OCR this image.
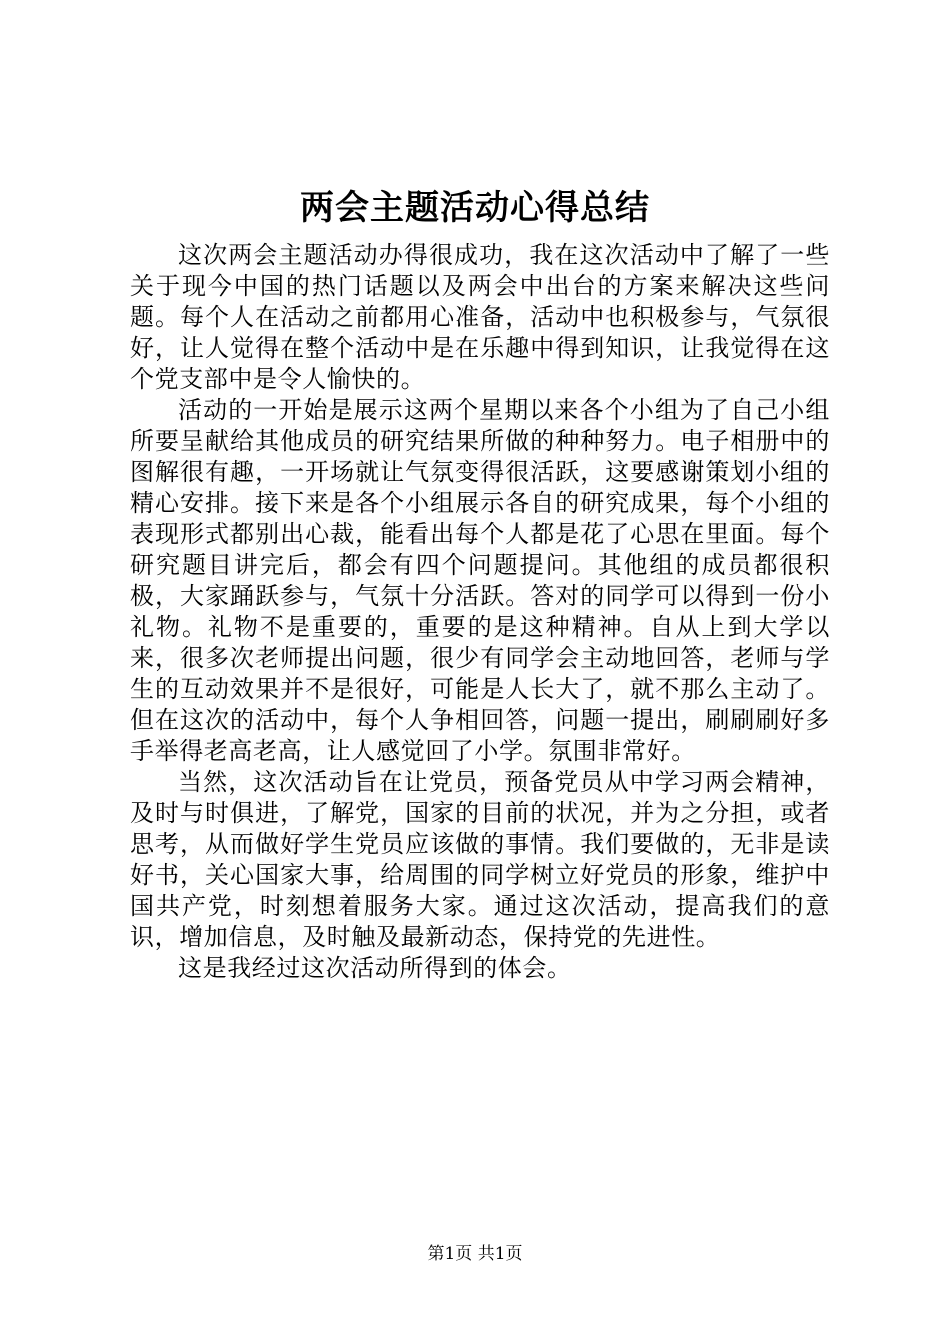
两会主题活动心得总结

这次两会主题活动办得很成功，我在这次活动中了解了一些关于现今中国的热门话题以及两会中出台的方案来解决这些问题。每个人在活动之前都用心准备，活动中也积极参与，气氛很好，让人觉得在整个活动中是在乐趣中得到知识，让我觉得在这个党支部中是令人愉快的。

活动的一开始是展示这两个星期以来各个小组为了自己小组所要呈献给其他成员的研究结果所做的种种努力。电子相册中的图解很有趣，一开场就让气氛变得很活跃，这要感谢策划小组的精心安排。接下来是各个小组展示各自的研究成果，每个小组的表现形式都别出心裁，能看出每个人都是花了心思在里面。每个研究题目讲完后，都会有四个问题提问。其他组的成员都很积极，大家踊跃参与，气氛十分活跃。答对的同学可以得到一份小礼物。礼物不是重要的，重要的是这种精神。自从上到大学以来，很多次老师提出问题，很少有同学会主动地回答，老师与学生的互动效果并不是很好，可能是人长大了，就不那么主动了。但在这次的活动中，每个人争相回答，问题一提出，刷刷刷好多手举得老高老高，让人感觉回了小学。氛围非常好。

当然，这次活动旨在让党员，预备党员从中学习两会精神，及时与时俱进，了解党，国家的目前的状况，并为之分担，或者思考，从而做好学生党员应该做的事情。我们要做的，无非是读好书，关心国家大事，给周围的同学树立好党员的形象，维护中国共产党，时刻想着服务大家。通过这次活动，提高我们的意识，增加信息，及时触及最新动态，保持党的先进性。

这是我经过这次活动所得到的体会。

第1页 共1页
